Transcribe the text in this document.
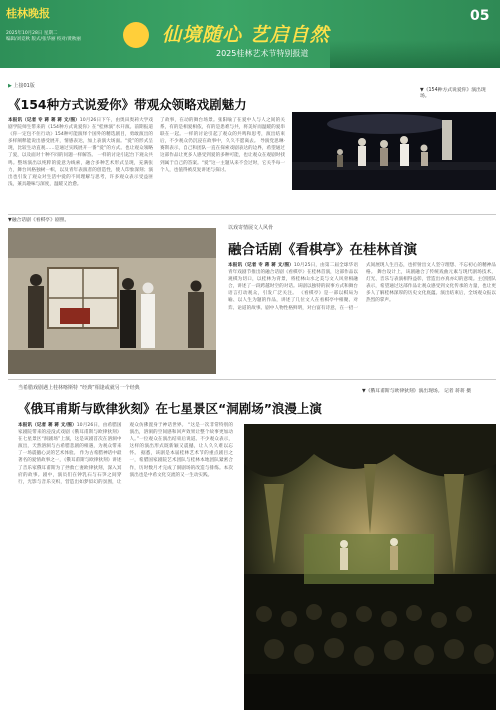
桂林晚报
2025年10月28日 星期二
编辑/刘竞秋 版式/张华丽 校对/黄秋丽	仙境随心 艺启自然
2025桂林艺术节特别报道
05
▶ 上接01版
《154种方式说爱你》带观众领略戏剧魅力
本报讯（记者 专 蒋 蒋 蒋 文/图）10月26日下午，由奥田奥莉大学戏剧学院师生带来的《154种方式说爱你》在“桂林演”水开演。前期报道《你一定包不住行动》154种可能演绎个国外的精选剧目，勇敢演出的多样阐释能说出感受展开，情感表达，加上表演大场面。“爱”的形式呈现，比较生动直观……是通过实践展开一番“爱”的方式。也让观众领略了爱，以及面对十种不同的问题一样解答。 一样的讨论引起台下观众共鸣。整场演出以纯粹的爱意为线索，融合多种艺术形式呈现，充满张力，舞台风格独树一帜，以及青年表演者的创造性，使人印象深刻；演出也引发了观众对生活中爱的不同理解与思考，许多观众表示受益匪浅，兼具趣味与深度，温暖又治愈。
了故事，在动的舞台场景。张阳喻了在爱中人与人之间的关系，有的是相爱相依，有的是患难与共，将美好而温暖的爱串联在一起。一样的讨论引起了观众的共鸣和思考，演出结束后，不少观众仍沉浸在故事中，久久不愿离去。 导演党思琳·赛斯表示，自己和团队一直在探索戏剧表达的边界，希望通过这部作品让更多人感受到爱的多种可能，也让观众在观剧时找到属于自己的答案。“爱”这一主题从来不会过时，它关乎每一个人，也值得被反复讲述与探讨。
▼《154种方式说爱你》演出现场。
▼融合话剧《看棋亭》剧照。
以戏寄情展文人风骨
融合话剧《看棋亭》在桂林首演
本报讯（记者 专 蒋 蒋 文/图）10月25日，由第二届全球华语青年戏剧节推出的融合话剧《看棋亭》在桂林首演，这部作品以观棋为切口，以桂林为背景，将桂林山水之美与文人风骨相融合，讲述了一段跨越时空的对话。该剧以独特的叙事方式和舞台语言打动观众，引发广泛关注。 《看棋亭》是一部以棋局为喻、以人生为题的作品，讲述了几位文人在看棋亭中相聚、对弈、论道的故事。剧中人物性格鲜明，对白富有诗意，在一招一式间展现人生百态，也折射出文人坚守理想、不忘初心的精神品格。 舞台设计上，该剧融合了传统戏曲元素与现代剧场技术，灯光、音乐与表演相得益彰，营造出亦真亦幻的意境。主创团队表示，希望通过这部作品让观众感受到文化传承的力量，也让更多人了解桂林深厚的历史文化底蕴。演出结束后，全场观众报以热烈的掌声。
当希腊戏剧遇上桂林喀斯特 “经典”相逢或就另一个经典
《俄耳甫斯与欧律狄刻》在七星景区“洞剧场”浪漫上演
▼《俄耳甫斯与欧律狄刻》演出现场。 记者 蒋蒋 摄
本报讯（记者 蒋 蒋 文/图）10月26日，由希腊国家剧院带来的浸没式戏剧《俄耳甫斯与欧律狄刻》在七星景区“洞剧场”上演，这是该剧首次在溶洞中演出，天然溶洞与古希腊悲剧的相遇，为观众带来了一场震撼心灵的艺术体验。 作为古希腊神话中最著名的爱情故事之一，《俄耳甫斯与欧律狄刻》讲述了音乐家俄耳甫斯为了拯救亡妻欧律狄刻，深入冥府的故事。剧中，演员们在钟乳石与石笋之间穿行，光影与音乐交织，营造出如梦似幻的氛围，让观众仿佛置身于神话世界。 “这是一次非常特别的演出，溶洞的空间感和回声效果让整个故事更加动人。”一位观众在演出结束后说道。不少观众表示，这样的演出形式既新颖又震撼，让人久久难以忘怀。 据悉，该剧是本届桂林艺术节的重点剧目之一，希腊国家剧院艺术团队与桂林本地团队紧密合作，历时数月才完成了洞剧场的改造与排练。本次演出也是中希文化交流的又一生动实践。
